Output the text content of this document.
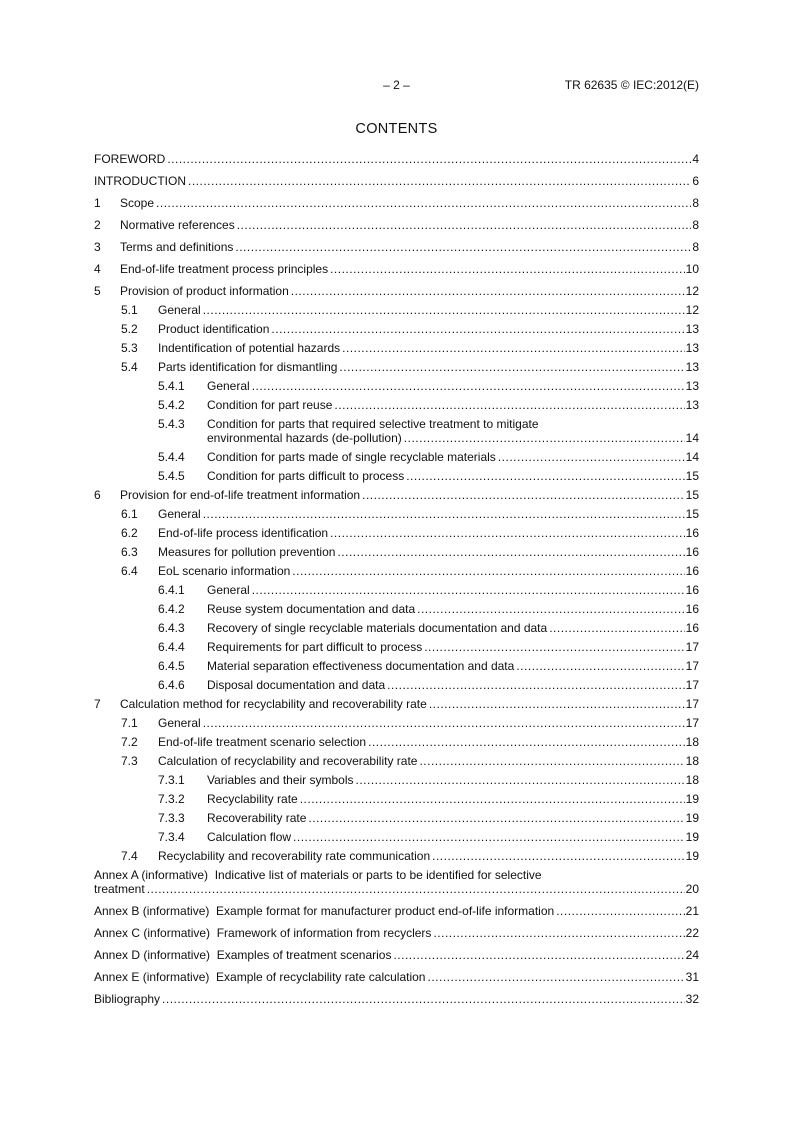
– 2 –	TR 62635 © IEC:2012(E)
CONTENTS
FOREWORD .....	4
INTRODUCTION .....	6
1	Scope .....	8
2	Normative references .....	8
3	Terms and definitions .....	8
4	End-of-life treatment process principles .....	10
5	Provision of product information .....	12
5.1	General .....	12
5.2	Product identification .....	13
5.3	Indentification of potential hazards .....	13
5.4	Parts identification for dismantling .....	13
5.4.1	General .....	13
5.4.2	Condition for part reuse .....	13
5.4.3	Condition for parts that required selective treatment to mitigate
environmental hazards (de-pollution) .....	14
5.4.4	Condition for parts made of single recyclable materials .....	14
5.4.5	Condition for parts difficult to process .....	15
6	Provision for end-of-life treatment information .....	15
6.1	General .....	15
6.2	End-of-life process identification .....	16
6.3	Measures for pollution prevention .....	16
6.4	EoL scenario information .....	16
6.4.1	General .....	16
6.4.2	Reuse system documentation and data .....	16
6.4.3	Recovery of single recyclable materials documentation and data .....	16
6.4.4	Requirements for part difficult to process .....	17
6.4.5	Material separation effectiveness documentation and data .....	17
6.4.6	Disposal documentation and data .....	17
7	Calculation method for recyclability and recoverability rate .....	17
7.1	General .....	17
7.2	End-of-life treatment scenario selection .....	18
7.3	Calculation of recyclability and recoverability rate .....	18
7.3.1	Variables and their symbols .....	18
7.3.2	Recyclability rate .....	19
7.3.3	Recoverability rate .....	19
7.3.4	Calculation flow .....	19
7.4	Recyclability and recoverability rate communication .....	19
Annex A (informative)  Indicative list of materials or parts to be identified for selective
treatment .....	20
Annex B (informative)  Example format for manufacturer product end-of-life information .....	21
Annex C (informative)  Framework of information from recyclers .....	22
Annex D (informative)  Examples of treatment scenarios .....	24
Annex E (informative)  Example of recyclability rate calculation .....	31
Bibliography .....	32
